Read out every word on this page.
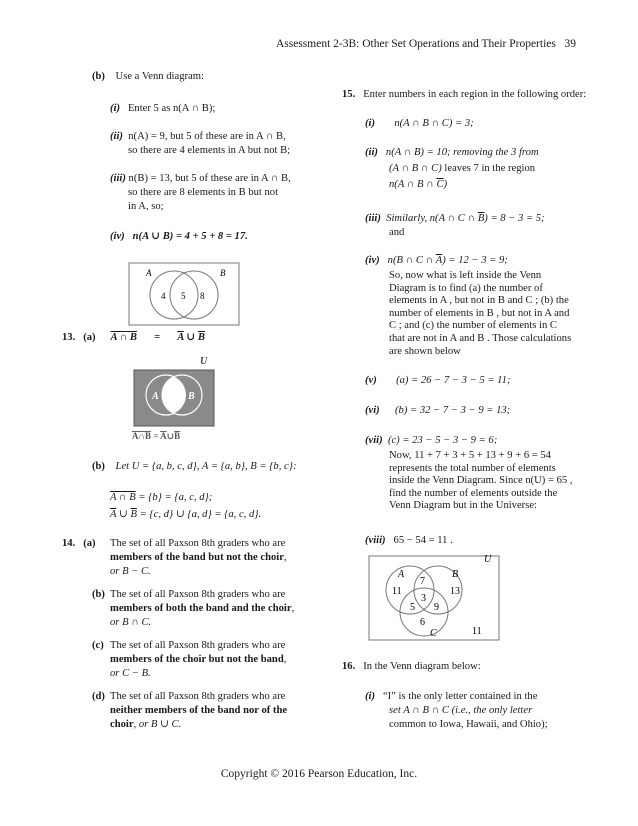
Assessment 2-3B: Other Set Operations and Their Properties 39
(b) Use a Venn diagram:
(i) Enter 5 as n(A ∩ B);
(ii) n(A) = 9, but 5 of these are in A ∩ B,
so there are 4 elements in A but not B;
(iii) n(B) = 13, but 5 of these are in A ∩ B,
so there are 8 elements in B but not
in A, so;
(iv) n(A ∪ B) = 4 + 5 + 8 = 17.
A	B
4 5 8
13. (a) A ∩ $B = \overline{A}$ ∪ $\overline{B}$
U
A	B
A∩B = A∪B
(b) Let U = {a, b, c, d}, A = {a, b}, B = {b, c}:
A ∩ B = {b} = {a, c, d};
$\overline{A}$ ∪ $\overline{B} = \{c$, d} ∪ {a, d} = {a, c, d}.
14. (a) The set of all Paxson 8th graders who are
members of the band but not the choir,
or B − C.
(b) The set of all Paxson 8th graders who are
members of both the band and the choir,
or B ∩ C.
(c) The set of all Paxson 8th graders who are
members of the choir but not the band,
or C − B.
(d) The set of all Paxson 8th graders who are
neither members of the band nor of the
choir, or B ∪ C.
15. Enter numbers in each region in the following order:
(i) n(A ∩ B ∩ C) = 3;
(ii) n(A ∩ B) = 10; removing the 3 from
(A ∩ B ∩ C) leaves 7 in the region
n(A ∩ B ∩ $\overline{C}$)
(iii) Similarly, n(A ∩ C ∩ $\overline{B}) = 8 - 3 = 5$;
and
(iv) n(B ∩ C ∩ $\overline{A}) = 12 - 3 = 9$;
So, now what is left inside the Venn
Diagram is to find (a) the number of
elements in A , but not in B and C ; (b) the
number of elements in B , but not in A and
C ; and (c) the number of elements in C
that are not in A and B . Those calculations
are shown below
(v) (a) = 26 − 7 − 3 − 5 = 11;
(vi) (b) = 32 − 7 − 3 − 9 = 13;
(vii) (c) = 23 − 5 − 3 − 9 = 6;
Now, 11 + 7 + 3 + 5 + 13 + 9 + 6 = 54
represents the total number of elements
inside the Venn Diagram. Since n(U) = 65 ,
find the number of elements outside the
Venn Diagram but in the Universe:
(viii) 65 − 54 = 11 .
U
A	B
C
11
7
13
3
5 9
6
11
16. In the Venn diagram below:
(i) “I” is the only letter contained in the
set A ∩ B ∩ C (i.e., the only letter
common to Iowa, Hawaii, and Ohio);
Copyright © 2016 Pearson Education, Inc.
